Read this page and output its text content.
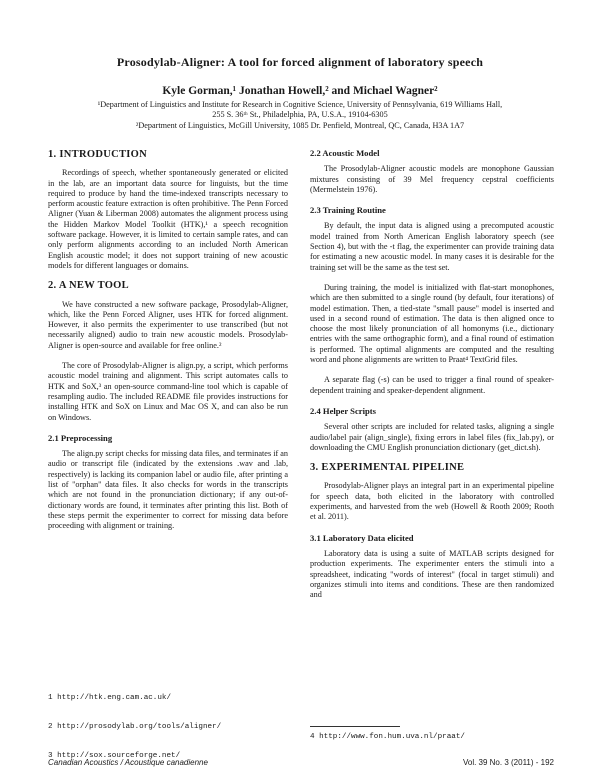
Prosodylab-Aligner: A tool for forced alignment of laboratory speech
Kyle Gorman,¹ Jonathan Howell,² and Michael Wagner²
¹Department of Linguistics and Institute for Research in Cognitive Science, University of Pennsylvania, 619 Williams Hall,
255 S. 36ᵗʰ St., Philadelphia, PA, U.S.A., 19104-6305
²Department of Linguistics, McGill University, 1085 Dr. Penfield, Montreal, QC, Canada, H3A 1A7
1. INTRODUCTION

Recordings of speech, whether spontaneously generated or elicited in the lab, are an important data source for linguists, but the time required to produce by hand the time-indexed transcripts necessary to perform acoustic feature extraction is often prohibitive. The Penn Forced Aligner (Yuan & Liberman 2008) automates the alignment process using the Hidden Markov Model Toolkit (HTK),¹ a speech recognition software package. However, it is limited to certain sample rates, and can only perform alignments according to an included North American English acoustic model; it does not support training of new acoustic models for different languages or domains.

2. A NEW TOOL

We have constructed a new software package, Prosodylab-Aligner, which, like the Penn Forced Aligner, uses HTK for forced alignment. However, it also permits the experimenter to use transcribed (but not necessarily aligned) audio to train new acoustic models. Prosodylab-Aligner is open-source and available for free online.²

The core of Prosodylab-Aligner is align.py, a script, which performs acoustic model training and alignment. This script automates calls to HTK and SoX,³ an open-source command-line tool which is capable of resampling audio. The included README file provides instructions for installing HTK and SoX on Linux and Mac OS X, and can also be run on Windows.

2.1 Preprocessing

The align.py script checks for missing data files, and terminates if an audio or transcript file (indicated by the extensions .wav and .lab, respectively) is lacking its companion label or audio file, after printing a list of "orphan" data files. It also checks for words in the transcripts which are not found in the pronunciation dictionary; if any out-of-dictionary words are found, it terminates after printing this list. Both of these steps permit the experimenter to correct for missing data before proceeding with alignment or training.

1 http://htk.eng.cam.ac.uk/
2 http://prosodylab.org/tools/aligner/
3 http://sox.sourceforge.net/
2.2 Acoustic Model

The Prosodylab-Aligner acoustic models are monophone Gaussian mixtures consisting of 39 Mel frequency cepstral coefficients (Mermelstein 1976).

2.3 Training Routine

By default, the input data is aligned using a precomputed acoustic model trained from North American English laboratory speech (see Section 4), but with the -t flag, the experimenter can provide training data for estimating a new acoustic model. In many cases it is desirable for the training set will be the same as the test set.

During training, the model is initialized with flat-start monophones, which are then submitted to a single round (by default, four iterations) of model estimation. Then, a tied-state "small pause" model is inserted and used in a second round of estimation. The data is then aligned once to choose the most likely pronunciation of all homonyms (i.e., dictionary entries with the same orthographic form), and a final round of estimation is performed. The optimal alignments are computed and the resulting word and phone alignments are written to Praat⁴ TextGrid files.

A separate flag (-s) can be used to trigger a final round of speaker-dependent training and speaker-dependent alignment.

2.4 Helper Scripts

Several other scripts are included for related tasks, aligning a single audio/label pair (align_single), fixing errors in label files (fix_lab.py), or downloading the CMU English pronunciation dictionary (get_dict.sh).

3. EXPERIMENTAL PIPELINE

Prosodylab-Aligner plays an integral part in an experimental pipeline for speech data, both elicited in the laboratory with controlled experiments, and harvested from the web (Howell & Rooth 2009; Rooth et al. 2011).

3.1 Laboratory Data elicited

Laboratory data is using a suite of MATLAB scripts designed for production experiments. The experimenter enters the stimuli into a spreadsheet, indicating "words of interest" (focal in target stimuli) and organizes stimuli into items and conditions. These are then randomized and

4 http://www.fon.hum.uva.nl/praat/
Canadian Acoustics / Acoustique canadienne	Vol. 39 No. 3 (2011) - 192
